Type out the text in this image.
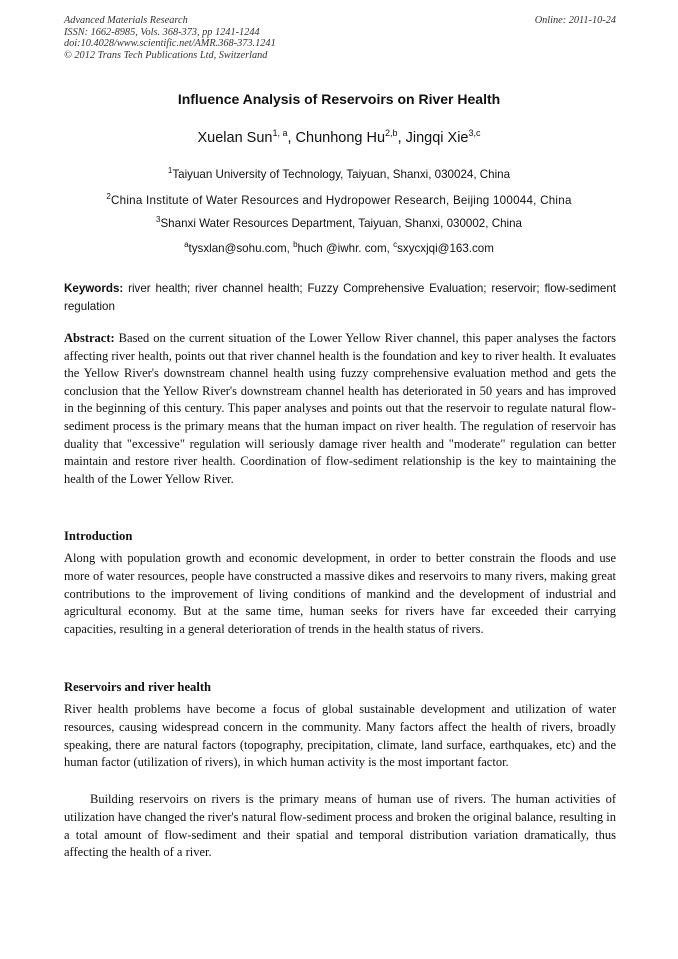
Advanced Materials Research
ISSN: 1662-8985, Vols. 368-373, pp 1241-1244
doi:10.4028/www.scientific.net/AMR.368-373.1241
© 2012 Trans Tech Publications Ltd, Switzerland
Online: 2011-10-24
Influence Analysis of Reservoirs on River Health
Xuelan Sun$^{1, a}$, Chunhong Hu$^{2,b}$, Jingqi Xie$^{3,c}$
$^1$Taiyuan University of Technology, Taiyuan, Shanxi, 030024, China
$^2$China Institute of Water Resources and Hydropower Research, Beijing 100044, China
$^3$Shanxi Water Resources Department, Taiyuan, Shanxi, 030002, China
$^a$tysxlan@sohu.com, $^b$huch @iwhr. com, $^c$sxycxjqi@163.com
Keywords: river health; river channel health; Fuzzy Comprehensive Evaluation; reservoir; flow-sediment regulation
Abstract: Based on the current situation of the Lower Yellow River channel, this paper analyses the factors affecting river health, points out that river channel health is the foundation and key to river health. It evaluates the Yellow River's downstream channel health using fuzzy comprehensive evaluation method and gets the conclusion that the Yellow River's downstream channel health has deteriorated in 50 years and has improved in the beginning of this century. This paper analyses and points out that the reservoir to regulate natural flow-sediment process is the primary means that the human impact on river health. The regulation of reservoir has duality that "excessive" regulation will seriously damage river health and "moderate" regulation can better maintain and restore river health. Coordination of flow-sediment relationship is the key to maintaining the health of the Lower Yellow River.
Introduction
Along with population growth and economic development, in order to better constrain the floods and use more of water resources, people have constructed a massive dikes and reservoirs to many rivers, making great contributions to the improvement of living conditions of mankind and the development of industrial and agricultural economy. But at the same time, human seeks for rivers have far exceeded their carrying capacities, resulting in a general deterioration of trends in the health status of rivers.
Reservoirs and river health
River health problems have become a focus of global sustainable development and utilization of water resources, causing widespread concern in the community. Many factors affect the health of rivers, broadly speaking, there are natural factors (topography, precipitation, climate, land surface, earthquakes, etc) and the human factor (utilization of rivers), in which human activity is the most important factor.
Building reservoirs on rivers is the primary means of human use of rivers. The human activities of utilization have changed the river's natural flow-sediment process and broken the original balance, resulting in a total amount of flow-sediment and their spatial and temporal distribution variation dramatically, thus affecting the health of a river.
